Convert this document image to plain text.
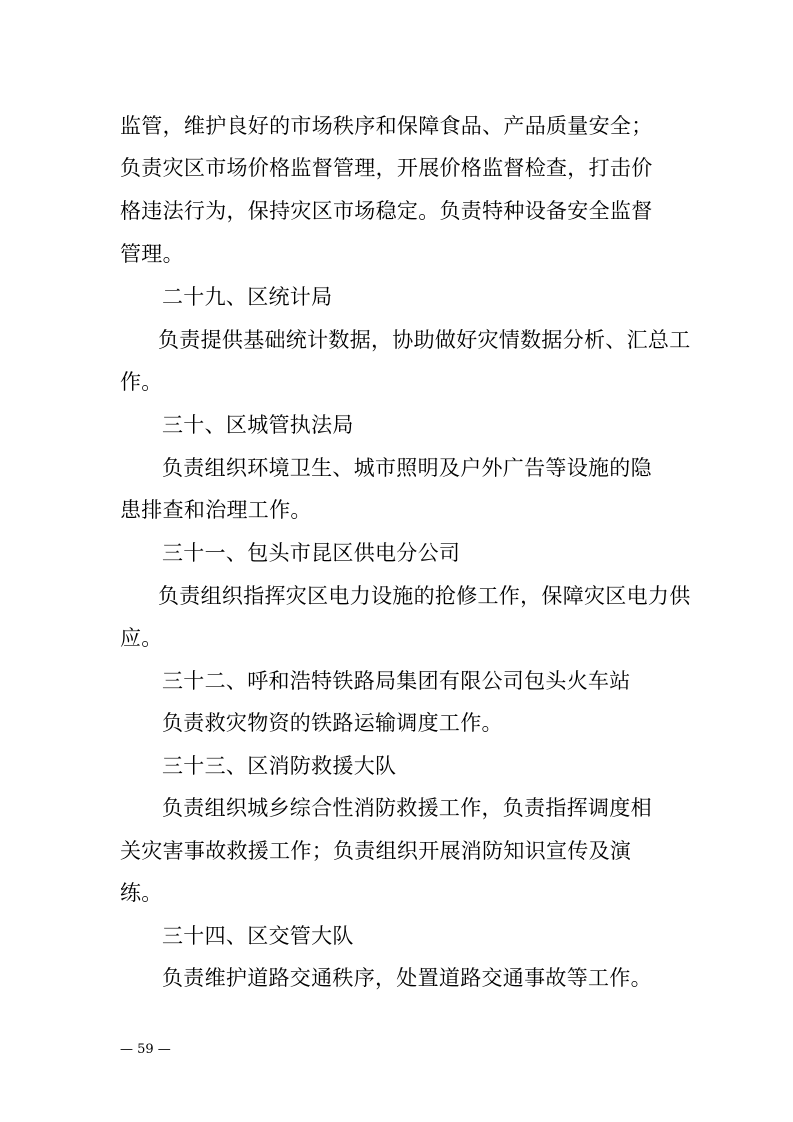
监管，维护良好的市场秩序和保障食品、产品质量安全；
负责灾区市场价格监督管理，开展价格监督检查，打击价
格违法行为，保持灾区市场稳定。负责特种设备安全监督
管理。
二十九、区统计局
负责提供基础统计数据，协助做好灾情数据分析、汇总工
作。
三十、区城管执法局
负责组织环境卫生、城市照明及户外广告等设施的隐
患排查和治理工作。
三十一、包头市昆区供电分公司
负责组织指挥灾区电力设施的抢修工作，保障灾区电力供
应。
三十二、呼和浩特铁路局集团有限公司包头火车站
负责救灾物资的铁路运输调度工作。
三十三、区消防救援大队
负责组织城乡综合性消防救援工作，负责指挥调度相
关灾害事故救援工作；负责组织开展消防知识宣传及演
练。
三十四、区交管大队
负责维护道路交通秩序，处置道路交通事故等工作。
— 59 —
